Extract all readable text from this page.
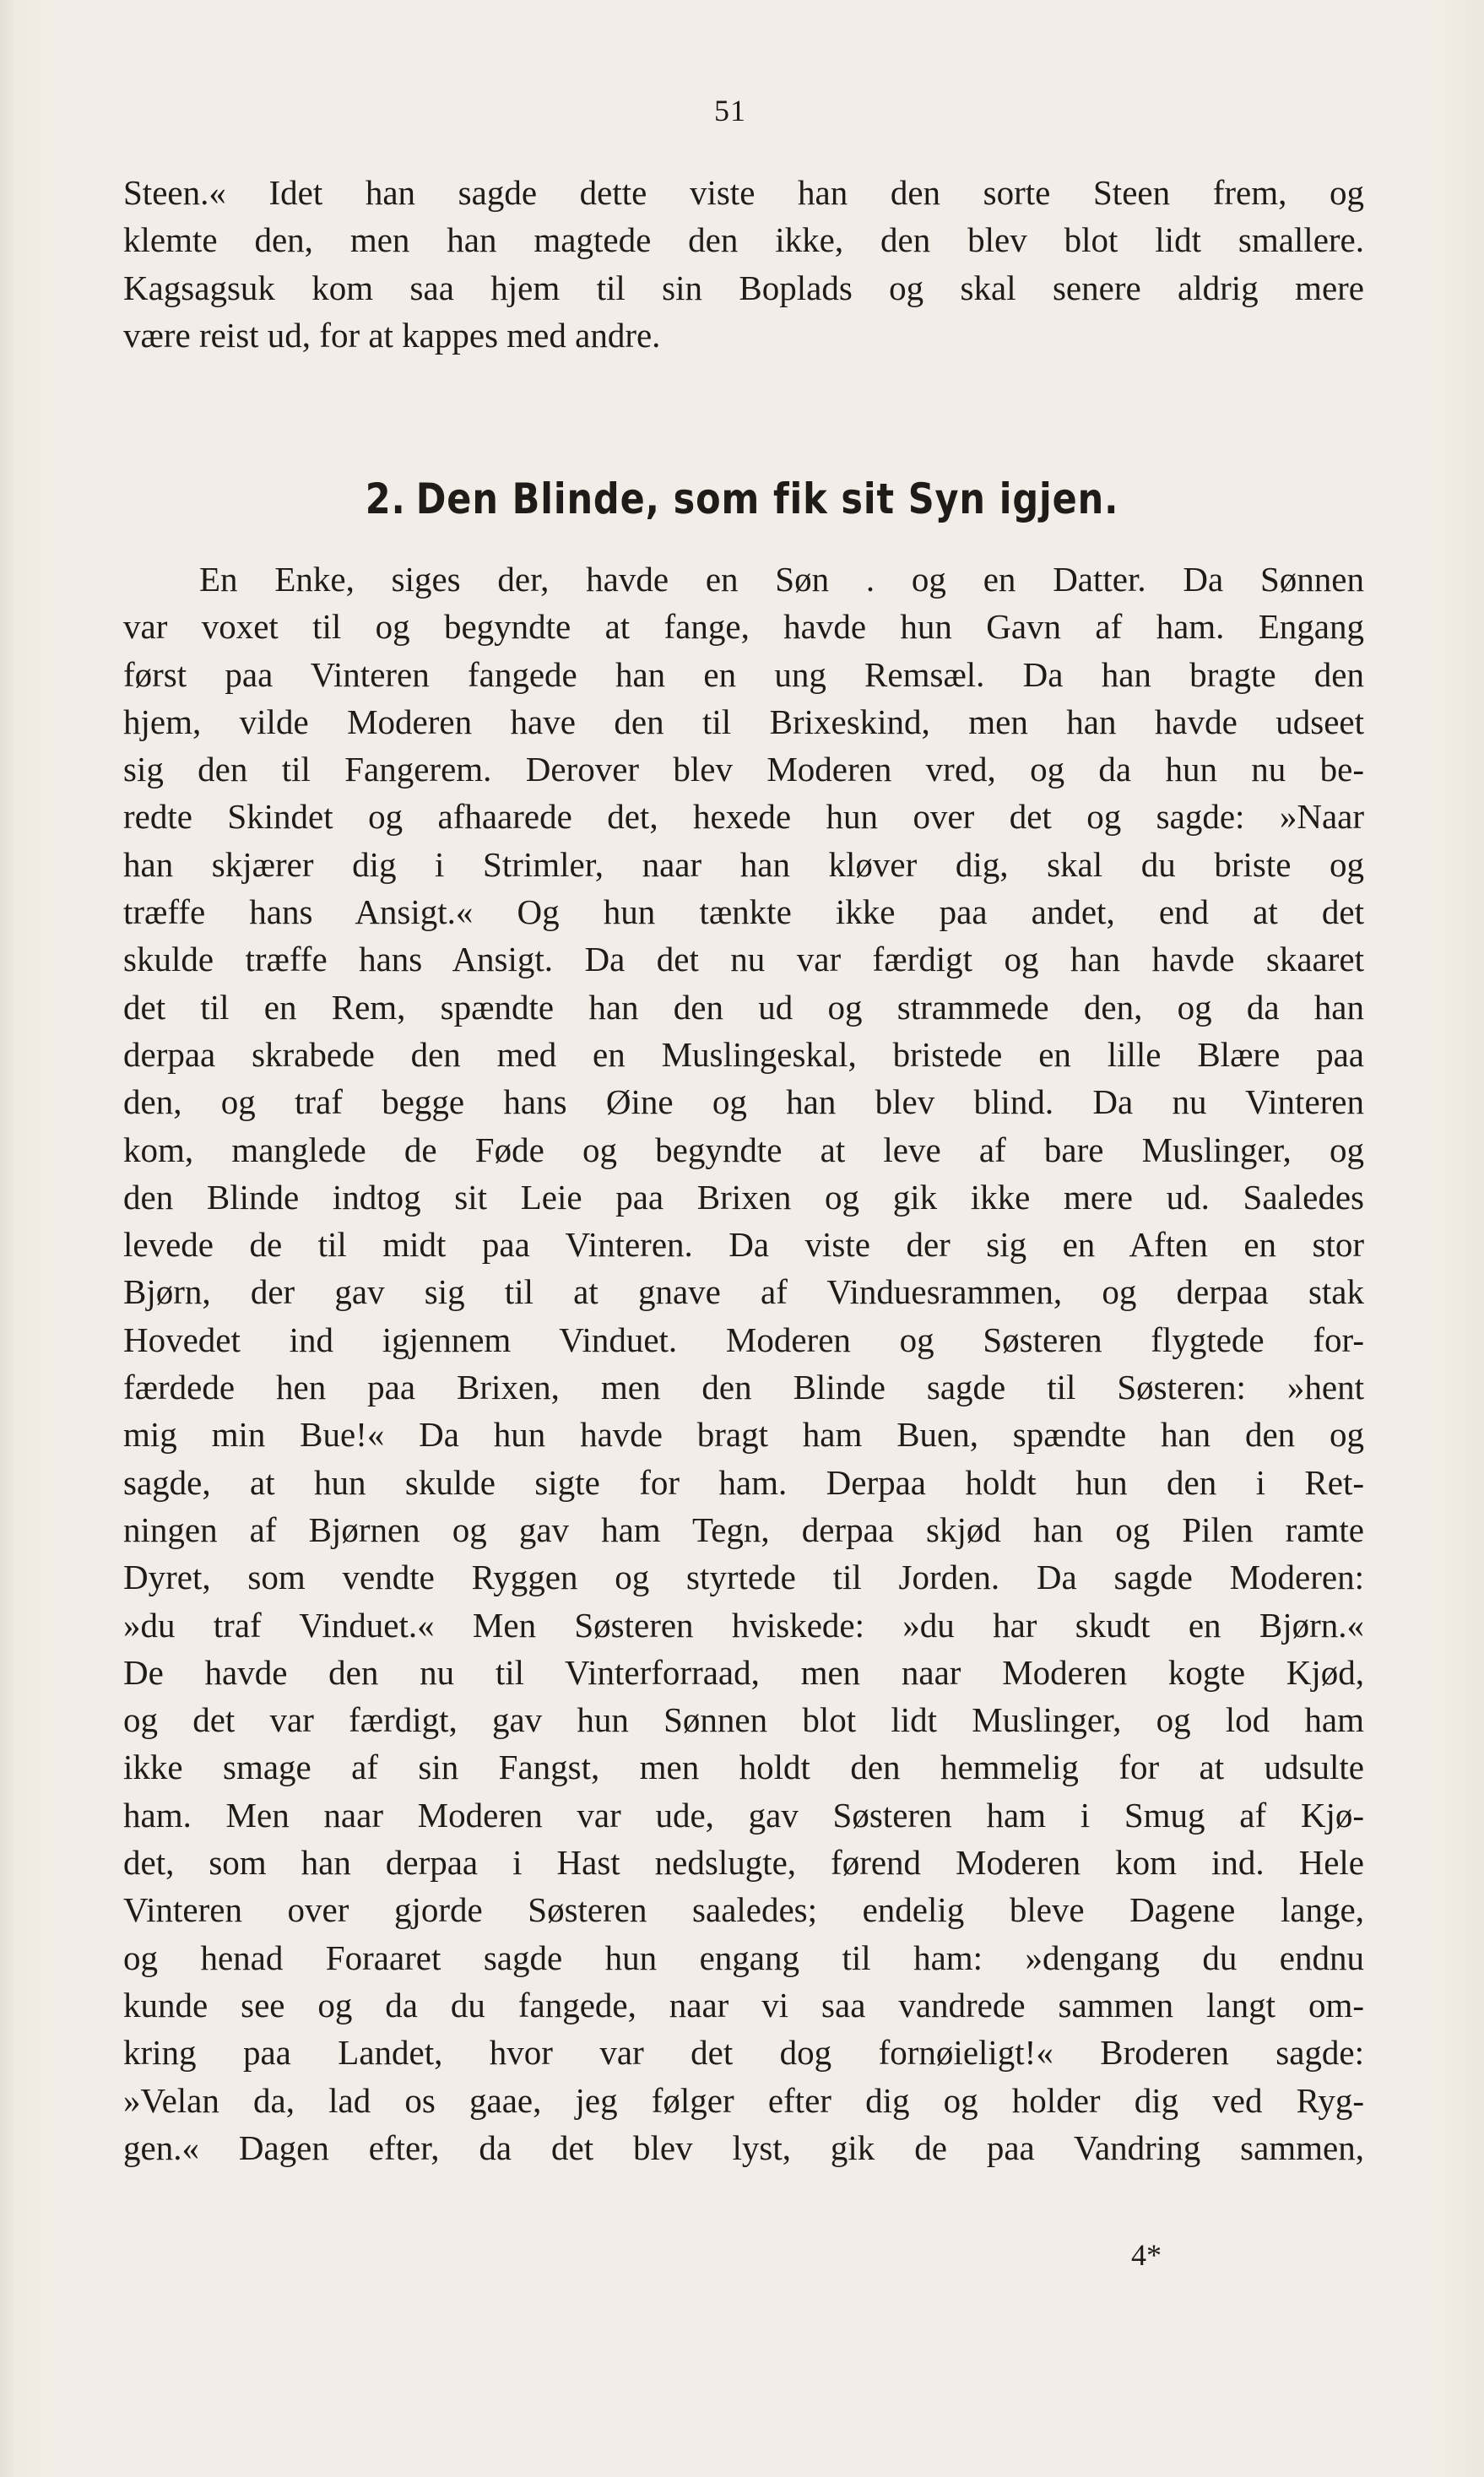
51
Steen.« Idet han sagde dette viste han den sorte Steen frem, og
klemte den, men han magtede den ikke, den blev blot lidt smallere.
Kagsagsuk kom saa hjem til sin Boplads og skal senere aldrig mere
være reist ud, for at kappes med andre.
2. Den Blinde, som fik sit Syn igjen.
En Enke, siges der, havde en Søn . og en Datter. Da Sønnen
var voxet til og begyndte at fange, havde hun Gavn af ham. Engang
først paa Vinteren fangede han en ung Remsæl. Da han bragte den
hjem, vilde Moderen have den til Brixeskind, men han havde udseet
sig den til Fangerem. Derover blev Moderen vred, og da hun nu be-
redte Skindet og afhaarede det, hexede hun over det og sagde: »Naar
han skjærer dig i Strimler, naar han kløver dig, skal du briste og
træffe hans Ansigt.« Og hun tænkte ikke paa andet, end at det
skulde træffe hans Ansigt. Da det nu var færdigt og han havde skaaret
det til en Rem, spændte han den ud og strammede den, og da han
derpaa skrabede den med en Muslingeskal, bristede en lille Blære paa
den, og traf begge hans Øine og han blev blind. Da nu Vinteren
kom, manglede de Føde og begyndte at leve af bare Muslinger, og
den Blinde indtog sit Leie paa Brixen og gik ikke mere ud. Saaledes
levede de til midt paa Vinteren. Da viste der sig en Aften en stor
Bjørn, der gav sig til at gnave af Vinduesrammen, og derpaa stak
Hovedet ind igjennem Vinduet. Moderen og Søsteren flygtede for-
færdede hen paa Brixen, men den Blinde sagde til Søsteren: »hent
mig min Bue!« Da hun havde bragt ham Buen, spændte han den og
sagde, at hun skulde sigte for ham. Derpaa holdt hun den i Ret-
ningen af Bjørnen og gav ham Tegn, derpaa skjød han og Pilen ramte
Dyret, som vendte Ryggen og styrtede til Jorden. Da sagde Moderen:
»du traf Vinduet.« Men Søsteren hviskede: »du har skudt en Bjørn.«
De havde den nu til Vinterforraad, men naar Moderen kogte Kjød,
og det var færdigt, gav hun Sønnen blot lidt Muslinger, og lod ham
ikke smage af sin Fangst, men holdt den hemmelig for at udsulte
ham. Men naar Moderen var ude, gav Søsteren ham i Smug af Kjø-
det, som han derpaa i Hast nedslugte, førend Moderen kom ind. Hele
Vinteren over gjorde Søsteren saaledes; endelig bleve Dagene lange,
og henad Foraaret sagde hun engang til ham: »dengang du endnu
kunde see og da du fangede, naar vi saa vandrede sammen langt om-
kring paa Landet, hvor var det dog fornøieligt!« Broderen sagde:
»Velan da, lad os gaae, jeg følger efter dig og holder dig ved Ryg-
gen.« Dagen efter, da det blev lyst, gik de paa Vandring sammen,
4*
